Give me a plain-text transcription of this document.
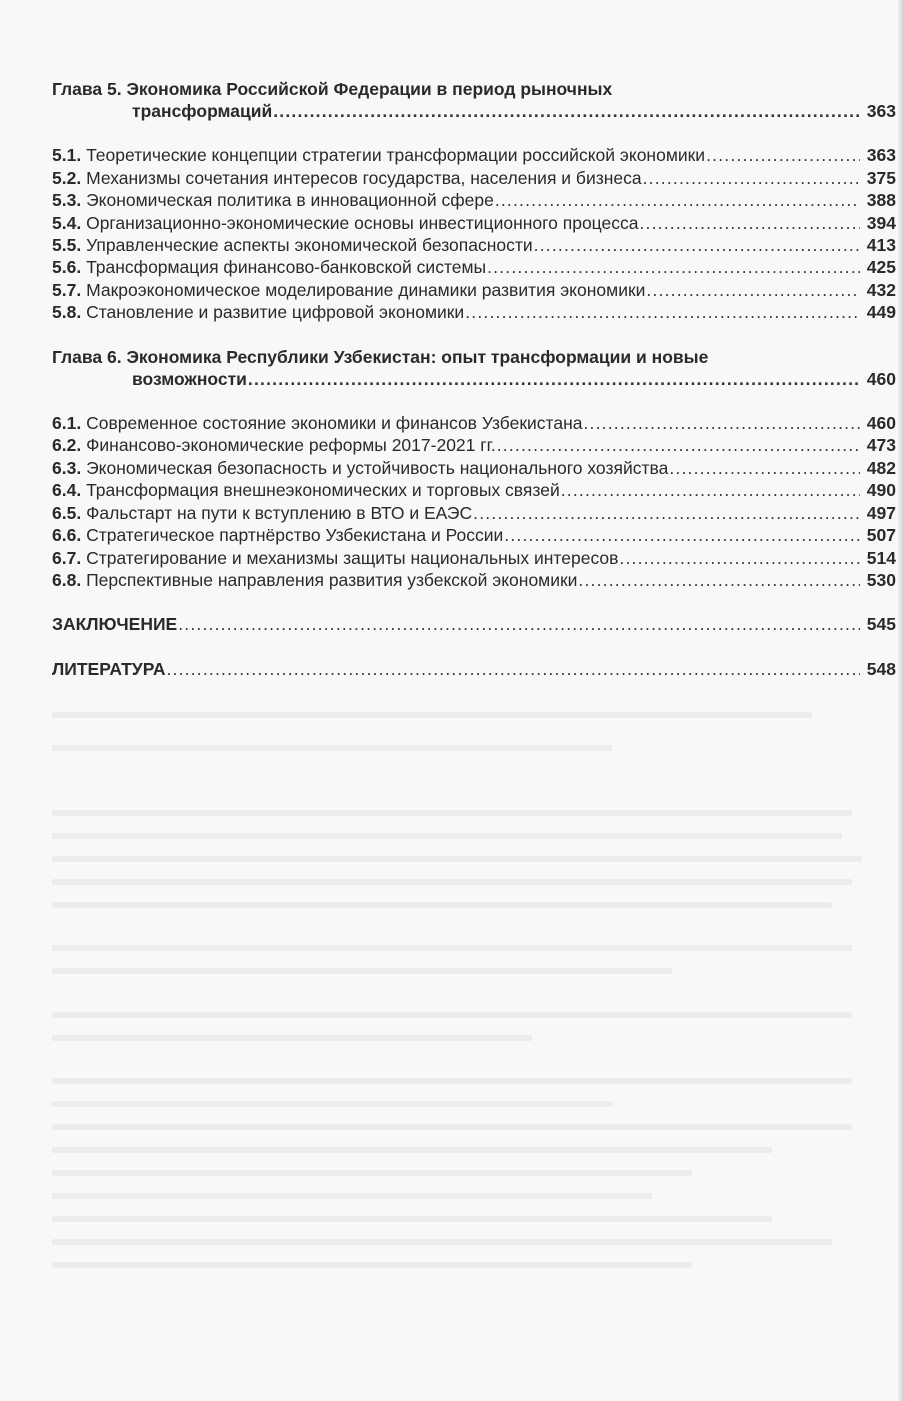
Глава 5. Экономика Российской Федерации в период рыночных
трансформаций .....	363
5.1. Теоретические концепции стратегии трансформации российской экономики .....	363
5.2. Механизмы сочетания интересов государства, населения и бизнеса .....	375
5.3. Экономическая политика в инновационной сфере .....	388
5.4. Организационно-экономические основы инвестиционного процесса .....	394
5.5. Управленческие аспекты экономической безопасности .....	413
5.6. Трансформация финансово-банковской системы .....	425
5.7. Макроэкономическое моделирование динамики развития экономики .....	432
5.8. Становление и развитие цифровой экономики .....	449
Глава 6. Экономика Республики Узбекистан: опыт трансформации и новые
возможности .....	460
6.1. Современное состояние экономики и финансов Узбекистана .....	460
6.2. Финансово-экономические реформы 2017-2021 гг. .....	473
6.3. Экономическая безопасность и устойчивость национального хозяйства .....	482
6.4. Трансформация внешнеэкономических и торговых связей .....	490
6.5. Фальстарт на пути к вступлению в ВТО и ЕАЭС .....	497
6.6. Стратегическое партнёрство Узбекистана и России .....	507
6.7. Стратегирование и механизмы защиты национальных интересов .....	514
6.8. Перспективные направления развития узбекской экономики .....	530
ЗАКЛЮЧЕНИЕ .....	545
ЛИТЕРАТУРА .....	548
